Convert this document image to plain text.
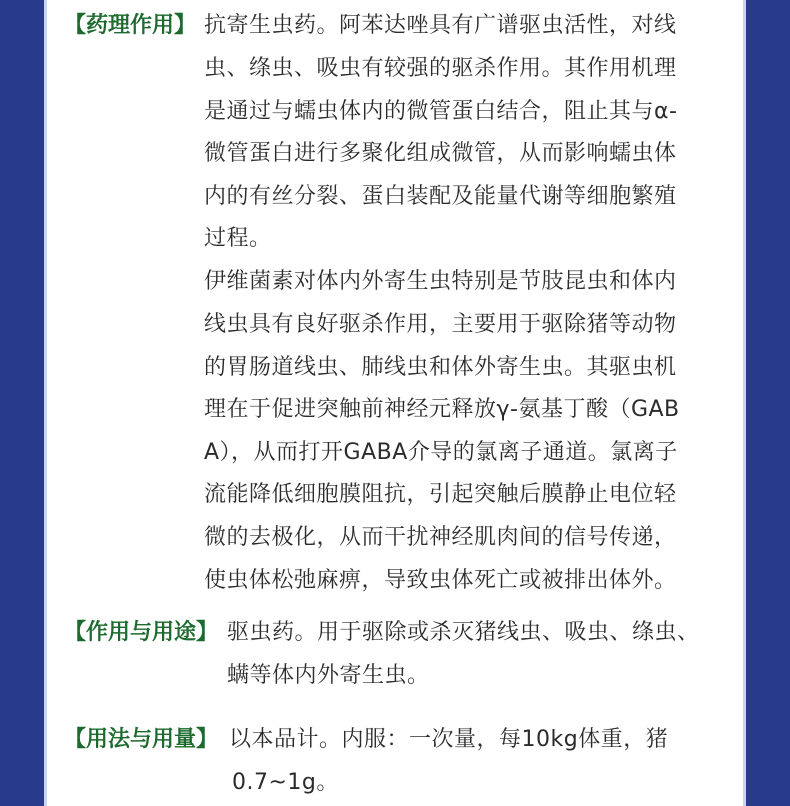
【药理作用】 抗寄生虫药。阿苯达唑具有广谱驱虫活性，对线
虫、绦虫、吸虫有较强的驱杀作用。其作用机理
是通过与蠕虫体内的微管蛋白结合，阻止其与α-
微管蛋白进行多聚化组成微管，从而影响蠕虫体
内的有丝分裂、蛋白装配及能量代谢等细胞繁殖
过程。
伊维菌素对体内外寄生虫特别是节肢昆虫和体内
线虫具有良好驱杀作用，主要用于驱除猪等动物
的胃肠道线虫、肺线虫和体外寄生虫。其驱虫机
理在于促进突触前神经元释放γ-氨基丁酸（GAB
A），从而打开GABA介导的氯离子通道。氯离子
流能降低细胞膜阻抗，引起突触后膜静止电位轻
微的去极化，从而干扰神经肌肉间的信号传递，
使虫体松弛麻痹，导致虫体死亡或被排出体外。
【作用与用途】 驱虫药。用于驱除或杀灭猪线虫、吸虫、绦虫、
螨等体内外寄生虫。
【用法与用量】 以本品计。内服：一次量，每10kg体重，猪
0.7~1g。
